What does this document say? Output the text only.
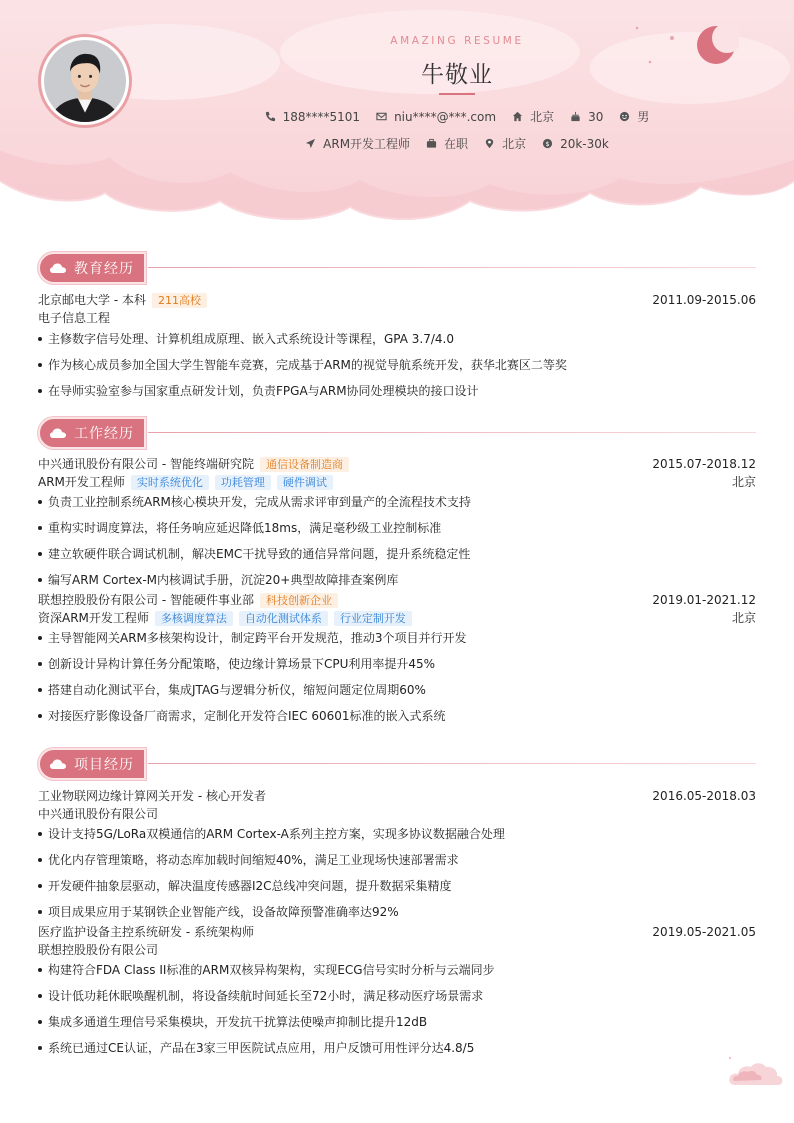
AMAZING RESUME
牛敬业
188****5101	niu****@***.com	北京	30	男
ARM开发工程师	在职	北京	$ 20k-30k
教育经历
北京邮电大学 - 本科	211高校	2011.09-2015.06
电子信息工程
主修数字信号处理、计算机组成原理、嵌入式系统设计等课程，GPA 3.7/4.0
作为核心成员参加全国大学生智能车竞赛，完成基于ARM的视觉导航系统开发，获华北赛区二等奖
在导师实验室参与国家重点研发计划，负责FPGA与ARM协同处理模块的接口设计
工作经历
中兴通讯股份有限公司 - 智能终端研究院	通信设备制造商	2015.07-2018.12
ARM开发工程师	实时系统优化	功耗管理	硬件调试	北京
负责工业控制系统ARM核心模块开发，完成从需求评审到量产的全流程技术支持
重构实时调度算法，将任务响应延迟降低18ms，满足毫秒级工业控制标准
建立软硬件联合调试机制，解决EMC干扰导致的通信异常问题，提升系统稳定性
编写ARM Cortex-M内核调试手册，沉淀20+典型故障排查案例库
联想控股股份有限公司 - 智能硬件事业部	科技创新企业	2019.01-2021.12
资深ARM开发工程师	多核调度算法	自动化测试体系	行业定制开发	北京
主导智能网关ARM多核架构设计，制定跨平台开发规范，推动3个项目并行开发
创新设计异构计算任务分配策略，使边缘计算场景下CPU利用率提升45%
搭建自动化测试平台，集成JTAG与逻辑分析仪，缩短问题定位周期60%
对接医疗影像设备厂商需求，定制化开发符合IEC 60601标准的嵌入式系统
项目经历
工业物联网边缘计算网关开发 - 核心开发者	2016.05-2018.03
中兴通讯股份有限公司
设计支持5G/LoRa双模通信的ARM Cortex-A系列主控方案，实现多协议数据融合处理
优化内存管理策略，将动态库加载时间缩短40%，满足工业现场快速部署需求
开发硬件抽象层驱动，解决温度传感器I2C总线冲突问题，提升数据采集精度
项目成果应用于某钢铁企业智能产线，设备故障预警准确率达92%
医疗监护设备主控系统研发 - 系统架构师	2019.05-2021.05
联想控股股份有限公司
构建符合FDA Class II标准的ARM双核异构架构，实现ECG信号实时分析与云端同步
设计低功耗休眠唤醒机制，将设备续航时间延长至72小时，满足移动医疗场景需求
集成多通道生理信号采集模块，开发抗干扰算法使噪声抑制比提升12dB
系统已通过CE认证，产品在3家三甲医院试点应用，用户反馈可用性评分达4.8/5
